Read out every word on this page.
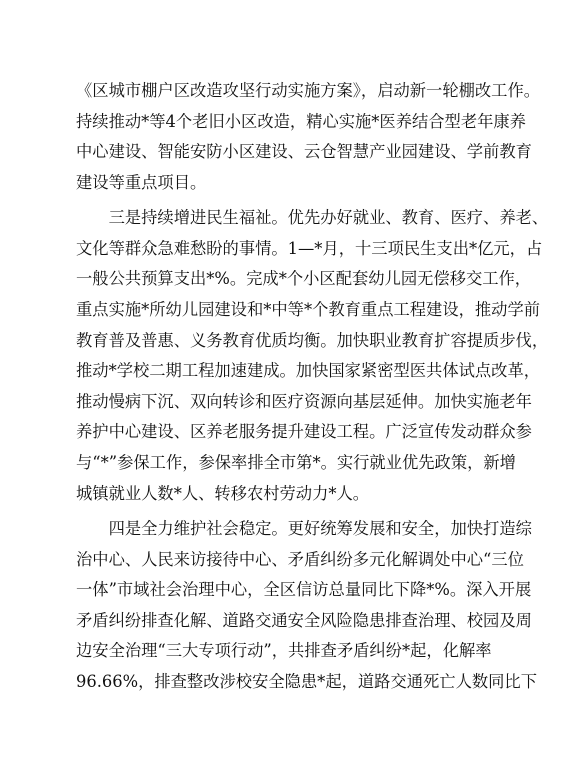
《区城市棚户区改造攻坚行动实施方案》，启动新一轮棚改工作。
持续推动*等4个老旧小区改造，精心实施*医养结合型老年康养
中心建设、智能安防小区建设、云仓智慧产业园建设、学前教育
建设等重点项目。
　　三是持续增进民生福祉。优先办好就业、教育、医疗、养老、
文化等群众急难愁盼的事情。1—*月，十三项民生支出*亿元，占
一般公共预算支出*%。完成*个小区配套幼儿园无偿移交工作，
重点实施*所幼儿园建设和*中等*个教育重点工程建设，推动学前
教育普及普惠、义务教育优质均衡。加快职业教育扩容提质步伐，
推动*学校二期工程加速建成。加快国家紧密型医共体试点改革，
推动慢病下沉、双向转诊和医疗资源向基层延伸。加快实施老年
养护中心建设、区养老服务提升建设工程。广泛宣传发动群众参
与“*”参保工作，参保率排全市第*。实行就业优先政策，新增
城镇就业人数*人、转移农村劳动力*人。
　　四是全力维护社会稳定。更好统筹发展和安全，加快打造综
治中心、人民来访接待中心、矛盾纠纷多元化解调处中心“三位
一体”市域社会治理中心，全区信访总量同比下降*%。深入开展
矛盾纠纷排查化解、道路交通安全风险隐患排查治理、校园及周
边安全治理“三大专项行动”，共排查矛盾纠纷*起，化解率
96.66%，排查整改涉校安全隐患*起，道路交通死亡人数同比下
